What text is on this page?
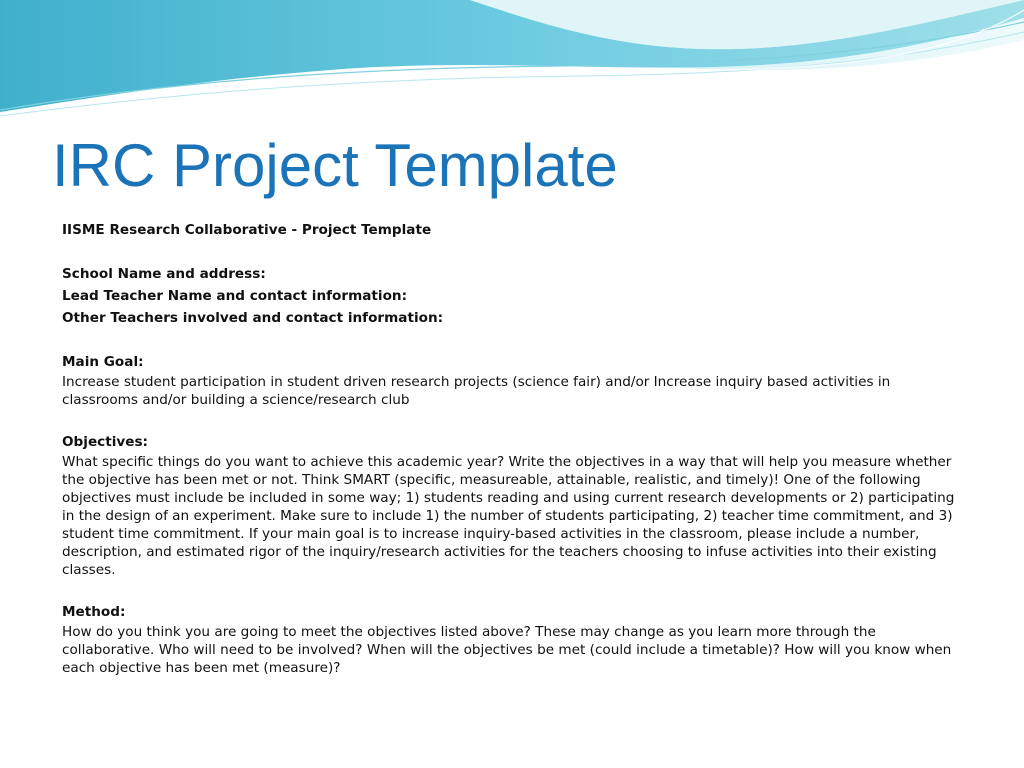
IRC Project Template
IISME Research Collaborative - Project Template
School Name and address:
Lead Teacher Name and contact information:
Other Teachers involved and contact information:
Main Goal:

Increase student participation in student driven research projects (science fair) and/or Increase inquiry based activities in classrooms and/or building a science/research club

Objectives:

What specific things do you want to achieve this academic year? Write the objectives in a way that will help you measure whether the objective has been met or not. Think SMART (specific, measureable, attainable, realistic, and timely)! One of the following objectives must include be included in some way; 1) students reading and using current research developments or 2) participating in the design of an experiment. Make sure to include 1) the number of students participating, 2) teacher time commitment, and 3) student time commitment. If your main goal is to increase inquiry-based activities in the classroom, please include a number, description, and estimated rigor of the inquiry/research activities for the teachers choosing to infuse activities into their existing classes.

Method:

How do you think you are going to meet the objectives listed above? These may change as you learn more through the collaborative. Who will need to be involved? When will the objectives be met (could include a timetable)? How will you know when each objective has been met (measure)?
